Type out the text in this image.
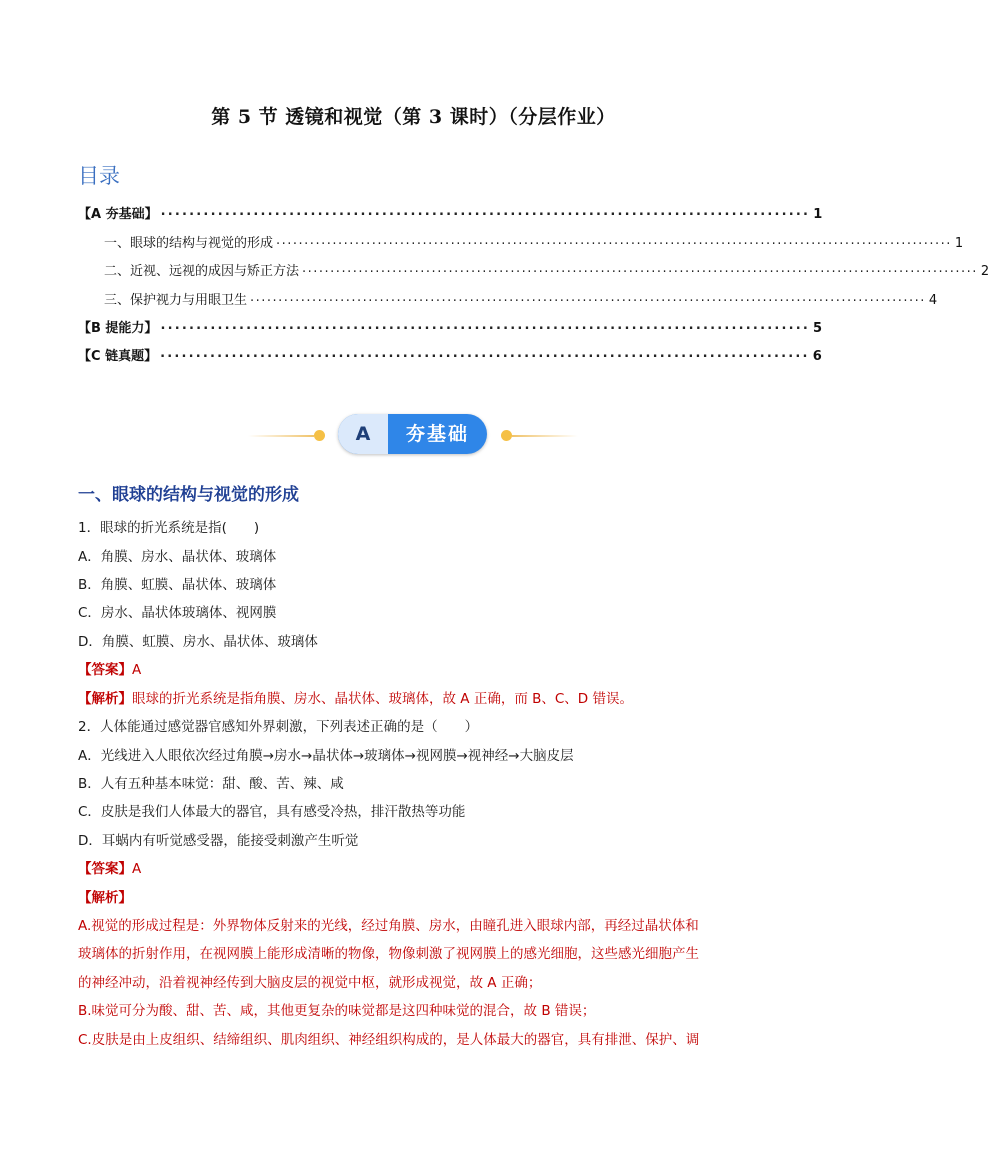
第 5 节 透镜和视觉（第 3 课时）（分层作业）
目录
【A 夯基础】 ........................................................................................... 1
一、眼球的结构与视觉的形成 ........................................................................................................................ 1
二、近视、远视的成因与矫正方法 ........................................................................................................................ 2
三、保护视力与用眼卫生 ........................................................................................................................ 4
【B 提能力】 ........................................................................................... 5
【C 链真题】 ........................................................................................... 6
A	夯基础
一、眼球的结构与视觉的形成
1．眼球的折光系统是指(　　)
A．角膜、房水、晶状体、玻璃体
B．角膜、虹膜、晶状体、玻璃体
C．房水、晶状体玻璃体、视网膜
D．角膜、虹膜、房水、晶状体、玻璃体
【答案】A
【解析】眼球的折光系统是指角膜、房水、晶状体、玻璃体，故 A 正确，而 B、C、D 错误。
2．人体能通过感觉器官感知外界刺激，下列表述正确的是（　　）
A．光线进入人眼依次经过角膜→房水→晶状体→玻璃体→视网膜→视神经→大脑皮层
B．人有五种基本味觉：甜、酸、苦、辣、咸
C．皮肤是我们人体最大的器官，具有感受冷热，排汗散热等功能
D．耳蜗内有听觉感受器，能接受刺激产生听觉
【答案】A
【解析】
A.视觉的形成过程是：外界物体反射来的光线，经过角膜、房水，由瞳孔进入眼球内部，再经过晶状体和
玻璃体的折射作用，在视网膜上能形成清晰的物像，物像刺激了视网膜上的感光细胞，这些感光细胞产生
的神经冲动，沿着视神经传到大脑皮层的视觉中枢，就形成视觉，故 A 正确；
B.味觉可分为酸、甜、苦、咸，其他更复杂的味觉都是这四种味觉的混合，故 B 错误；
C.皮肤是由上皮组织、结缔组织、肌肉组织、神经组织构成的，是人体最大的器官，具有排泄、保护、调
